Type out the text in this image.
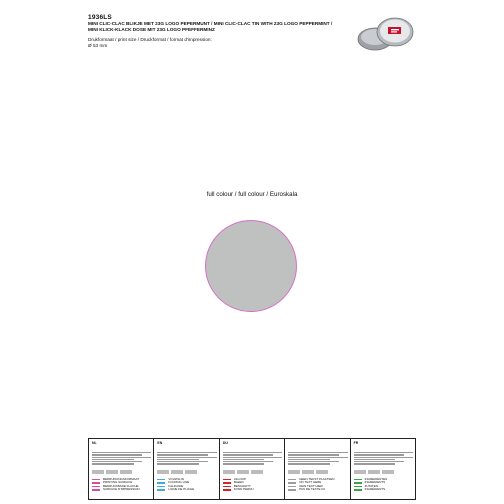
1936LS
MINI CLIC-CLAC BLIKJE MET 23G LOGO PEPERMUNT / MINI CLIC-CLAC TIN WITH 23G LOGO PEPPERMINT /
MINI KLICK-KLACK DOSE MIT 23G LOGO PFEFFERMINZ
Drukformaat / print size / Druckformat / format d'impression:
Ø 53 mm
full colour / full colour / Euroskala
NL
BEDRUKKINGSFORMAAT
PRINTING SURFACE
BEDRUCKBARE FLÄCHE
SURFACE D'IMPRESSION
EN
VOUWLIJN
FOLDING LINE
FALZLINIE
LIGNE DE PLIAGE
DU
AFLOOP
BLEED
BESCHNITT
FOND PERDU
GEEN TEKST PLAATSEN
NO TEXT HERE
KEIN TEXT HIER
PAS DE TEXTE ICI
FR
INGREDIËNTEN
INGREDIENTS
ZUTATEN
INGRÉDIENTS
